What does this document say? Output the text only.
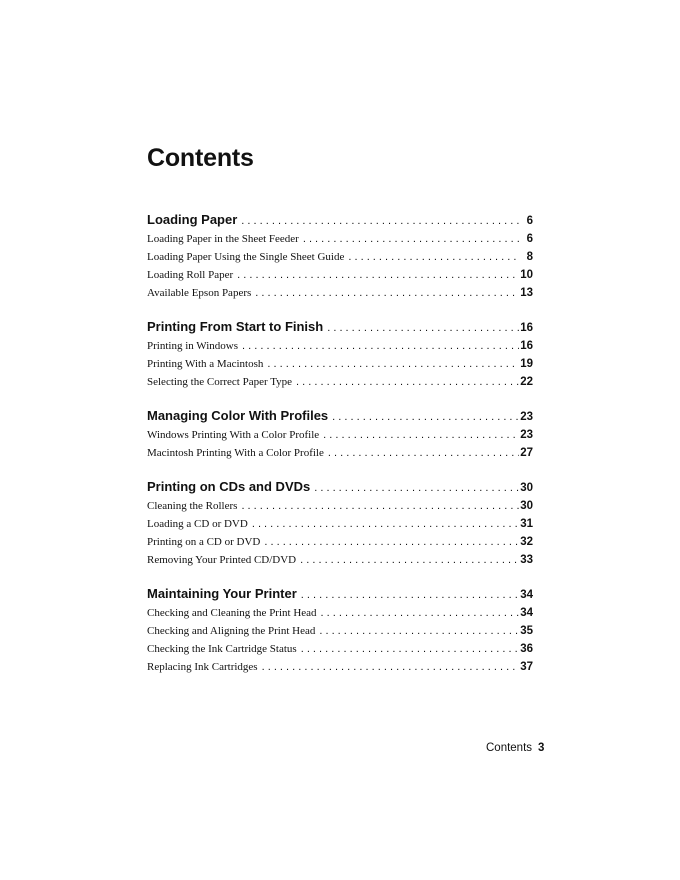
Contents
Loading Paper . . .	6
Loading Paper in the Sheet Feeder . . .	6
Loading Paper Using the Single Sheet Guide . . .	8
Loading Roll Paper . . .	10
Available Epson Papers . . .	13
Printing From Start to Finish . . .	16
Printing in Windows . . .	16
Printing With a Macintosh . . .	19
Selecting the Correct Paper Type . . .	22
Managing Color With Profiles . . .	23
Windows Printing With a Color Profile . . .	23
Macintosh Printing With a Color Profile . . .	27
Printing on CDs and DVDs . . .	30
Cleaning the Rollers . . .	30
Loading a CD or DVD . . .	31
Printing on a CD or DVD . . .	32
Removing Your Printed CD/DVD . . .	33
Maintaining Your Printer . . .	34
Checking and Cleaning the Print Head . . .	34
Checking and Aligning the Print Head . . .	35
Checking the Ink Cartridge Status . . .	36
Replacing Ink Cartridges . . .	37
Contents 3
